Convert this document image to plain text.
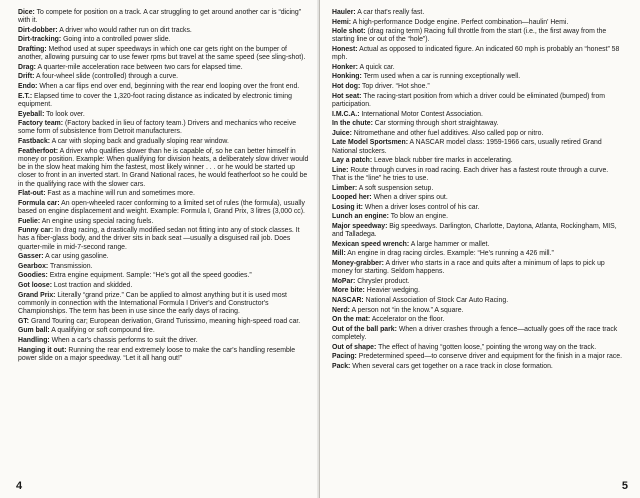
Dice: To compete for position on a track. A car struggling to get around another car is “dicing” with it.

Dirt-dobber: A driver who would rather run on dirt tracks.

Dirt-tracking: Going into a controlled power slide.

Drafting: Method used at super speedways in which one car gets right on the bumper of another, allowing pursuing car to use fewer rpms but travel at the same speed (see sling-shot).

Drag: A quarter-mile acceleration race between two cars for elapsed time.

Drift: A four-wheel slide (controlled) through a curve.

Endo: When a car flips end over end, beginning with the rear end looping over the front end.

E.T.: Elapsed time to cover the 1,320-foot racing distance as indicated by electronic timing equipment.

Eyeball: To look over.

Factory team: (Factory backed in lieu of factory team.) Drivers and mechanics who receive some form of subsistence from Detroit manufacturers.

Fastback: A car with sloping back and gradually sloping rear window.

Featherfoot: A driver who qualifies slower than he is capable of, so he can better himself in money or position. Example: When qualifying for division heats, a deliberately slow driver would be in the slow heat making him the fastest, most likely winner . . . or he would be started up closer to front in an inverted start. In Grand National races, he would featherfoot so he could be in the qualifying race with the slower cars.

Flat-out: Fast as a machine will run and sometimes more.

Formula car: An open-wheeled racer conforming to a limited set of rules (the formula), usually based on engine displacement and weight. Example: Formula I, Grand Prix, 3 litres (3,000 cc).

Fuelie: An engine using special racing fuels.

Funny car: In drag racing, a drastically modified sedan not fitting into any of stock classes. It has a fiber-glass body, and the driver sits in back seat —usually a disguised rail job. Does quarter-mile in mid-7-second range.

Gasser: A car using gasoline.

Gearbox: Transmission.

Goodies: Extra engine equipment. Sample: “He's got all the speed goodies.”

Got loose: Lost traction and skidded.

Grand Prix: Literally “grand prize.” Can be applied to almost anything but it is used most commonly in connection with the International Formula I Driver's and Constructor's Championships. The term has been in use since the early days of racing.

GT: Grand Touring car; European derivation, Grand Turissimo, meaning high-speed road car.

Gum ball: A qualifying or soft compound tire.

Handling: When a car's chassis performs to suit the driver.

Hanging it out: Running the rear end extremely loose to make the car's handling resemble power slide on a major speedway. “Let it all hang out!”

4

Hauler: A car that's really fast.

Hemi: A high-performance Dodge engine. Perfect combination—haulin' Hemi.

Hole shot: (drag racing term) Racing full throttle from the start (i.e., the first away from the starting line or out of the “hole”).

Honest: Actual as opposed to indicated figure. An indicated 60 mph is probably an “honest” 58 mph.

Honker: A quick car.

Honking: Term used when a car is running exceptionally well.

Hot dog: Top driver. “Hot shoe.”

Hot seat: The racing-start position from which a driver could be eliminated (bumped) from participation.

I.M.C.A.: International Motor Contest Association.

In the chute: Car storming through short straightaway.

Juice: Nitromethane and other fuel additives. Also called pop or nitro.

Late Model Sportsmen: A NASCAR model class: 1959-1966 cars, usually retired Grand National stockers.

Lay a patch: Leave black rubber tire marks in accelerating.

Line: Route through curves in road racing. Each driver has a fastest route through a curve. That is the “line” he tries to use.

Limber: A soft suspension setup.

Looped her: When a driver spins out.

Losing it: When a driver loses control of his car.

Lunch an engine: To blow an engine.

Major speedway: Big speedways. Darlington, Charlotte, Daytona, Atlanta, Rockingham, MIS, and Talladega.

Mexican speed wrench: A large hammer or mallet.

Mill: An engine in drag racing circles. Example: “He's running a 426 mill.”

Money-grabber: A driver who starts in a race and quits after a minimum of laps to pick up money for starting. Seldom happens.

MoPar: Chrysler product.

More bite: Heavier wedging.

NASCAR: National Association of Stock Car Auto Racing.

Nerd: A person not “in the know.” A square.

On the mat: Accelerator on the floor.

Out of the ball park: When a driver crashes through a fence—actually goes off the race track completely.

Out of shape: The effect of having “gotten loose,” pointing the wrong way on the track.

Pacing: Predetermined speed—to conserve driver and equipment for the finish in a major race.

Pack: When several cars get together on a race track in close formation.

5
